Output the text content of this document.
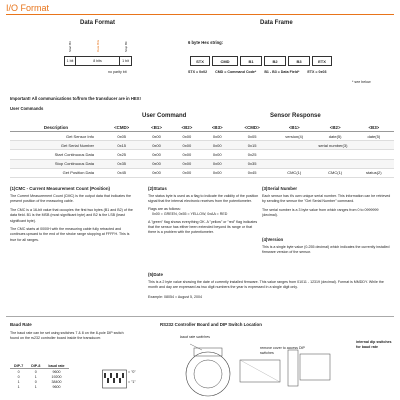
I/O Format
Data Format
Start Bit	Data Bits	Stop Bit
1 bit	8 bits	1 bit
no parity bit
Data Frame
6 byte Hex string:
STX	CMD	B1	B2	B3	ETX
STX = 0x02 CMD = Command Code* B1 - B3 = Data Field* ETX = 0x03
* see below
Important! All communications to/from the transducer are in HEX!
User Commands
User Command	Sensor Response
Description	<CMD>	<B1>	<B2>	<B3>	<CMD>	<B1>	<B2>	<B3>
Get Sensor Info	0x05	0x00	0x00	0x00	0x05	version(4)	date(5)	date(5)
Get Serial Number	0x15	0x00	0x00	0x00	0x15	serial number(3)		
Start Continuous Data	0x25	0x00	0x00	0x00	0x25			
Stop Continuous Data	0x35	0x00	0x00	0x00	0x35			
Get Position Data	0x45	0x00	0x00	0x00	0x45	CMC(1)	CMC(1)	status(2)
(1)CMC - Current Measurement Count (Position)

The Current Measurement Count (CMC) is the output data that indicates the present position of the measuring cable.

The CMC is a 16-bit value that occupies the first two bytes (B1 and B2) of the data field. B1 is the MSB (most significant byte) and B2 is the LSB (least significant byte).

The CMC starts at 0000H with the measuring cable fully retracted and continues upward to the end of the stroke range stopping at FFFFH. This is true for all ranges.

(2)Status

The status byte is used as a flag to indicate the validity of the position signal that the internal electronic receives from the potentiometer.

Flags are as follows:

0x00 = GREEN, 0x55 = YELLOW, 0xAA = RED

A "green" flag shows everything OK. A "yellow" or "red" flag indicates that the sensor has either been extended beyond its range or that there is a problem with the potentiometer.

(3)Serial Number

Each sensor has it's own unique serial number. This information can be retrieved by sending the sensor the "Get Serial Number" command.

The serial number is a 3 byte value from which ranges from 0 to 0999999 (decimal).

(4)Version

This is a single byte value (0-255 decimal) which indicates the currently installed firmware version of the sensor.

(5)Date

This is a 2 byte value showing the date of currently installed firmware. This value ranges from 01011 - 12319 (decimal). Format is MMDDY. While the month and day are expressed as two digit numbers the year is expressed in a single digit only.

Example: 08054 = August 5, 2004

Baud Rate

The baud rate can be set using switches 7 & 8 on the 8-pole DIP switch found on the rs232 controller board inside the transducer.

DIP-7	DIP-8	baud rate
0	0	9600
0	1	19200
1	0	38400
1	1	9600
= "0"
= "1"
RS232 Controller Board and DIP Switch Location
baud rate switches
remove cover to access DIP switches
internal dip switches for baud rate
